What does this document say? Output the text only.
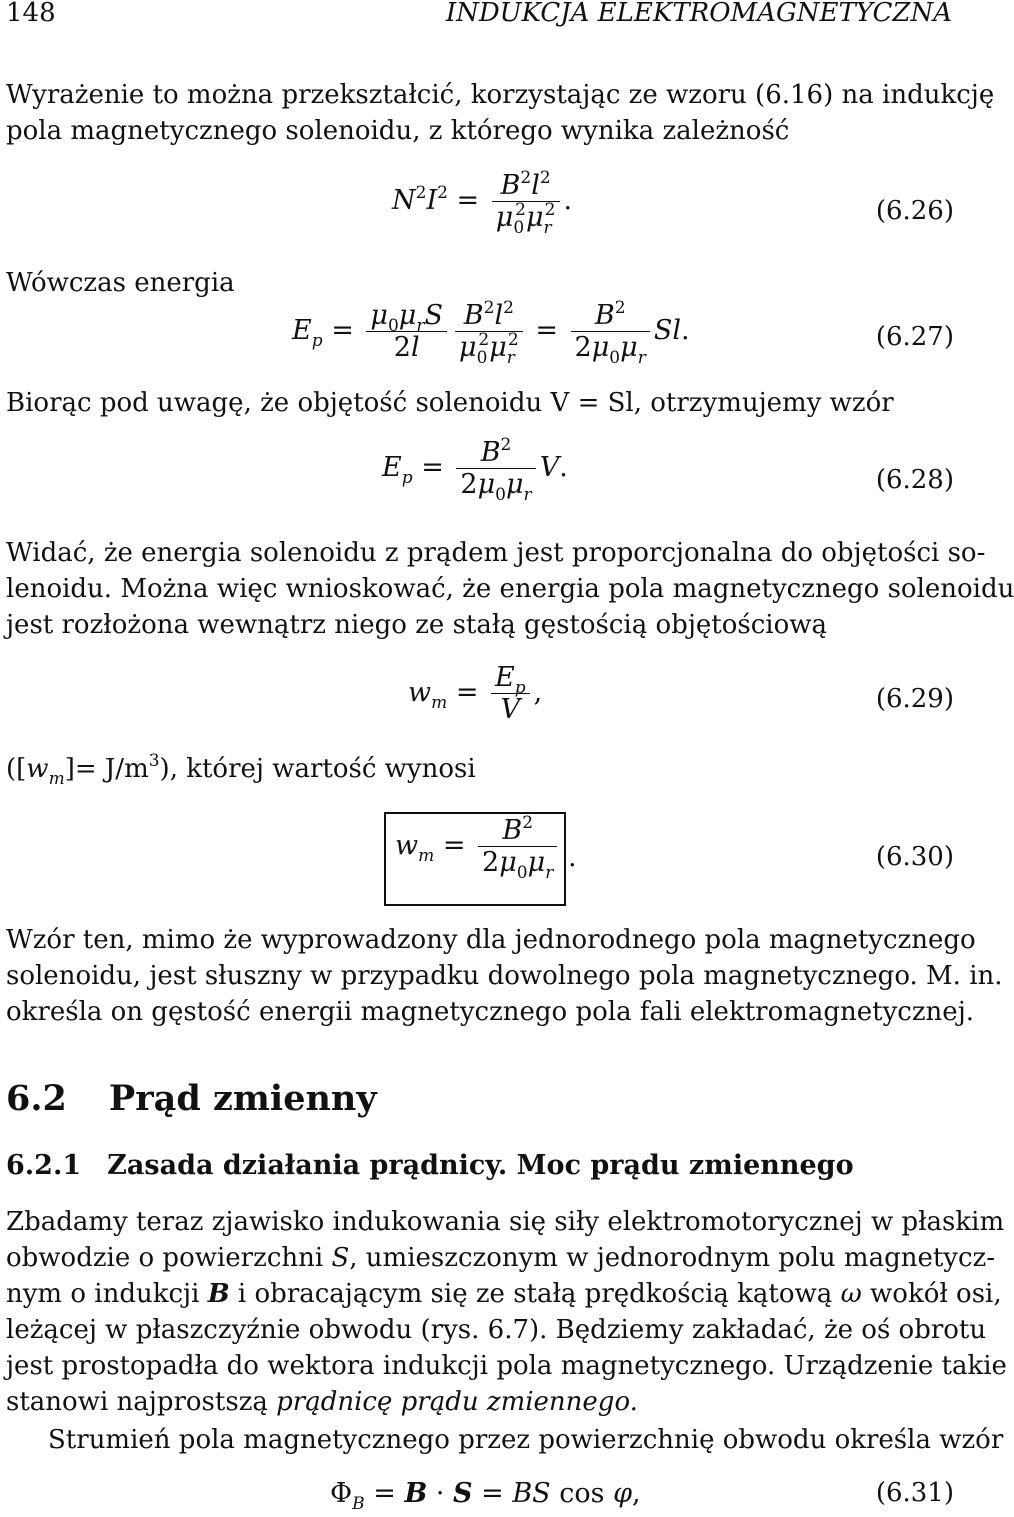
148	INDUKCJA ELEKTROMAGNETYCZNA
Wyrażenie to można przekształcić, korzystając ze wzoru (6.16) na indukcję
pola magnetycznego solenoidu, z którego wynika zależność
$N^2I^2 = \frac{B^2l^2}{\mu_0^2\mu_r^2}$ .	(6.26)
Wówczas energia
$E_p = \frac{\mu_0\mu_rS}{2l} \frac{B^2l^2}{\mu_0^2\mu_r^2} = \frac{B^2}{2\mu_0\mu_r} Sl$.	(6.27)
Biorąc pod uwagę, że objętość solenoidu V = Sl, otrzymujemy wzór
$E_p = \frac{B^2}{2\mu_0\mu_r} V$.	(6.28)
Widać, że energia solenoidu z prądem jest proporcjonalna do objętości so-
lenoidu. Można więc wnioskować, że energia pola magnetycznego solenoidu
jest rozłożona wewnątrz niego ze stałą gęstością objętościową
$w_m = \frac{E_p}{V}$ ,	(6.29)
$([w_m]= J/m^3)$, której wartość wynosi
$w_m = \frac{B^2}{2\mu_0\mu_r}$ .	(6.30)
Wzór ten, mimo że wyprowadzony dla jednorodnego pola magnetycznego
solenoidu, jest słuszny w przypadku dowolnego pola magnetycznego. M. in.
określa on gęstość energii magnetycznego pola fali elektromagnetycznej.
6.2 Prąd zmienny
6.2.1 Zasada działania prądnicy. Moc prądu zmiennego
Zbadamy teraz zjawisko indukowania się siły elektromotorycznej w płaskim
obwodzie o powierzchni S, umieszczonym w jednorodnym polu magnetycz-
nym o indukcji B i obracającym się ze stałą prędkością kątową ω wokół osi,
leżącej w płaszczyźnie obwodu (rys. 6.7). Będziemy zakładać, że oś obrotu
jest prostopadła do wektora indukcji pola magnetycznego. Urządzenie takie
stanowi najprostszą prądnicę prądu zmiennego.
Strumień pola magnetycznego przez powierzchnię obwodu określa wzór
$\Phi_B = B \cdot S$ = BS cos φ,	(6.31)
